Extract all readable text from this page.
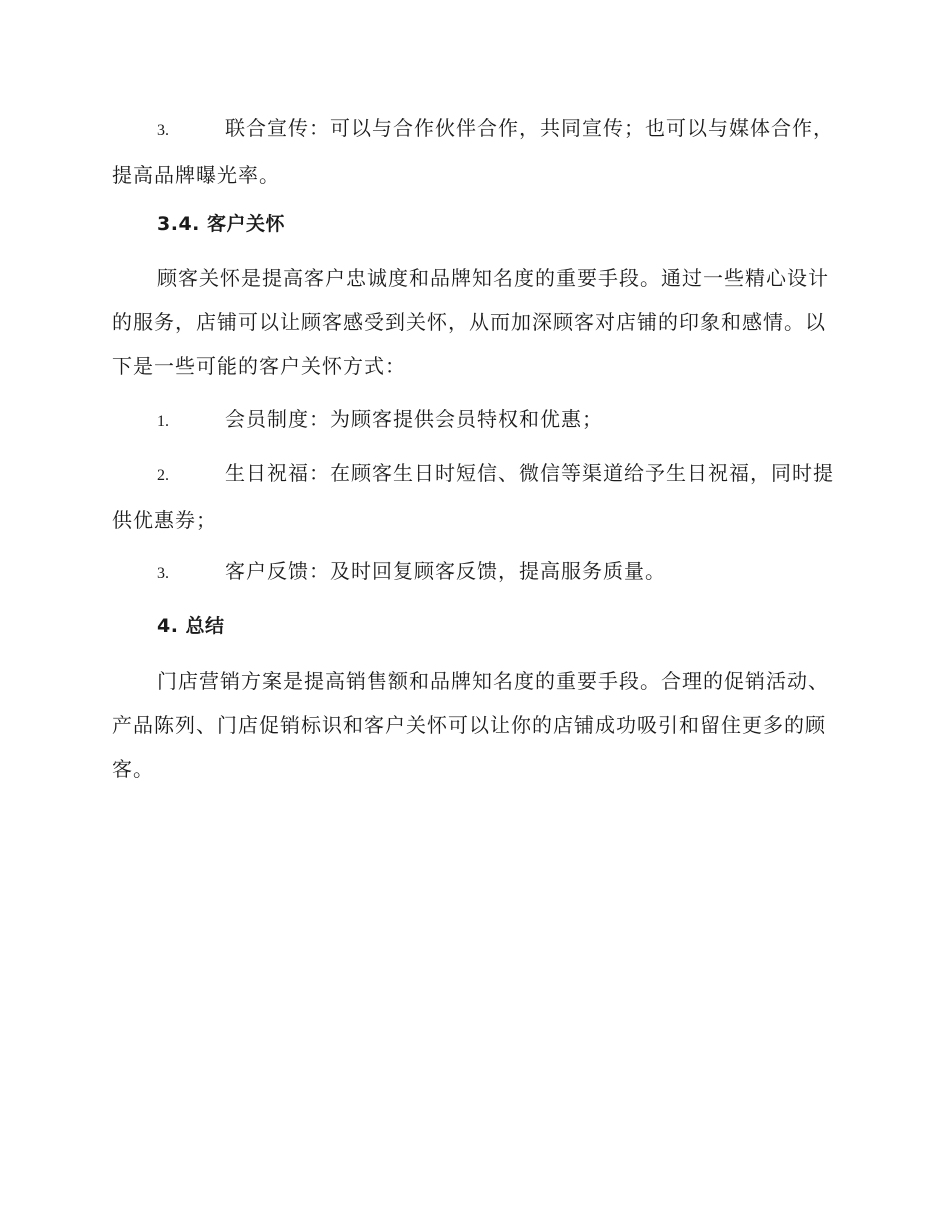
3.	联合宣传：可以与合作伙伴合作，共同宣传；也可以与媒体合作，提高品牌曝光率。
3.4. 客户关怀
顾客关怀是提高客户忠诚度和品牌知名度的重要手段。通过一些精心设计的服务，店铺可以让顾客感受到关怀，从而加深顾客对店铺的印象和感情。以下是一些可能的客户关怀方式：
1.	会员制度：为顾客提供会员特权和优惠；
2.	生日祝福：在顾客生日时短信、微信等渠道给予生日祝福，同时提供优惠券；
3.	客户反馈：及时回复顾客反馈，提高服务质量。
4. 总结
门店营销方案是提高销售额和品牌知名度的重要手段。合理的促销活动、产品陈列、门店促销标识和客户关怀可以让你的店铺成功吸引和留住更多的顾客。
